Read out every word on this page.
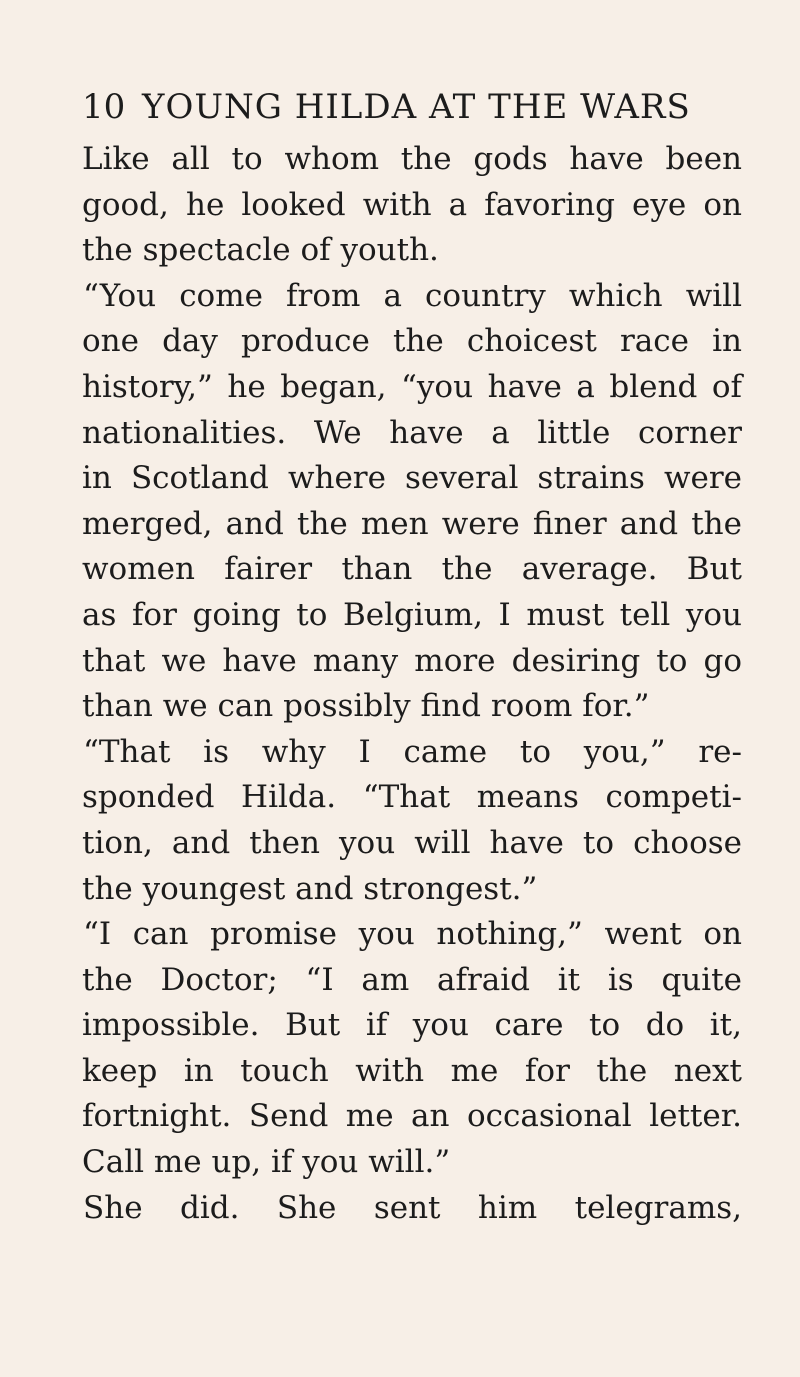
10 YOUNG HILDA AT THE WARS
Like all to whom the gods have been
good, he looked with a favoring eye on
the spectacle of youth.
“You come from a country which will
one day produce the choicest race in
history,” he began, “you have a blend of
nationalities. We have a little corner
in Scotland where several strains were
merged, and the men were finer and the
women fairer than the average. But
as for going to Belgium, I must tell you
that we have many more desiring to go
than we can possibly find room for.”
“That is why I came to you,” re-
sponded Hilda. “That means competi-
tion, and then you will have to choose
the youngest and strongest.”
“I can promise you nothing,” went on
the Doctor; “I am afraid it is quite
impossible. But if you care to do it,
keep in touch with me for the next
fortnight. Send me an occasional letter.
Call me up, if you will.”
She did. She sent him telegrams,
